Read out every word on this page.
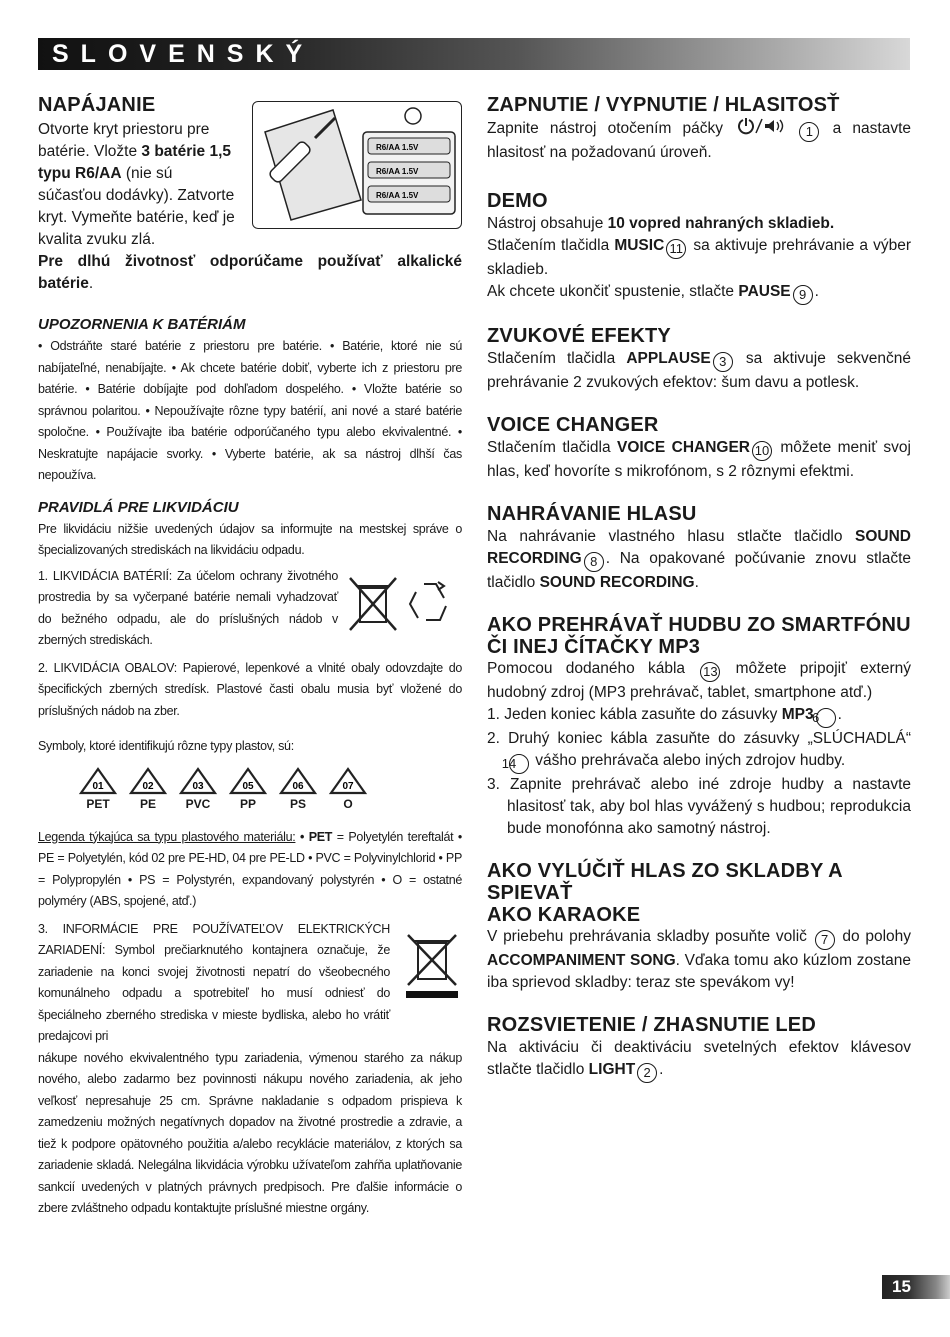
SLOVENSKÝ
NAPÁJANIE
R6/AA 1.5V
R6/AA 1.5V
R6/AA 1.5V
Otvorte kryt priestoru pre batérie. Vložte 3 batérie 1,5 typu R6/AA (nie sú súčasťou dodávky). Zatvorte kryt. Vymeňte batérie, keď je kvalita zvuku zlá.
Pre dlhú životnosť odporúčame používať alkalické batérie.
UPOZORNENIA K BATÉRIÁM

• Odstráňte staré batérie z priestoru pre batérie. • Batérie, ktoré nie sú nabíjateľné, nenabíjajte. • Ak chcete batérie dobiť, vyberte ich z priestoru pre batérie. • Batérie dobíjajte pod dohľadom dospelého. • Vložte batérie so správnou polaritou. • Nepoužívajte rôzne typy batérií, ani nové a staré batérie spoločne. • Používajte iba batérie odporúčaného typu alebo ekvivalentné. • Neskratujte napájacie svorky. • Vyberte batérie, ak sa nástroj dlhší čas nepoužíva.

PRAVIDLÁ PRE LIKVIDÁCIU

Pre likvidáciu nižšie uvedených údajov sa informujte na mestskej správe o špecializovaných strediskách na likvidáciu odpadu.

1. LIKVIDÁCIA BATÉRIÍ: Za účelom ochrany životného prostredia by sa vyčerpané batérie nemali vyhadzovať do bežného odpadu, ale do príslušných nádob v zberných strediskách.

2. LIKVIDÁCIA OBALOV: Papierové, lepenkové a vlnité obaly odovzdajte do špecifických zberných stredísk. Plastové časti obalu musia byť vložené do príslušných nádob na zber.

Symboly, ktoré identifikujú rôzne typy plastov, sú:

01
PET
02
PE
03
PVC
05
PP
06
PS
07
O

Legenda týkajúca sa typu plastového materiálu: • PET = Polyetylén tereftalát • PE = Polyetylén, kód 02 pre PE-HD, 04 pre PE-LD • PVC = Polyvinylchlorid • PP = Polypropylén • PS = Polystyrén, expandovaný polystyrén • O = ostatné polyméry (ABS, spojené, atď.)

3. INFORMÁCIE PRE POUŽÍVATEĽOV ELEKTRICKÝCH ZARIADENÍ: Symbol prečiarknutého kontajnera označuje, že zariadenie na konci svojej životnosti nepatrí do všeobecného komunálneho odpadu a spotrebiteľ ho musí odniesť do špeciálneho zberného strediska v mieste bydliska, alebo ho vrátiť predajcovi pri

nákupe nového ekvivalentného typu zariadenia, výmenou starého za nákup nového, alebo zadarmo bez povinnosti nákupu nového zariadenia, ak jeho veľkosť nepresahuje 25 cm. Správne nakladanie s odpadom prispieva k zamedzeniu možných negatívnych dopadov na životné prostredie a zdravie, a tiež k podpore opätovného použitia a/alebo recyklácie materiálov, z ktorých sa zariadenie skladá. Nelegálna likvidácia výrobku užívateľom zahŕňa uplatňovanie sankcií uvedených v platných právnych predpisoch. Pre ďalšie informácie o zbere zvláštneho odpadu kontaktujte príslušné miestne orgány.

ZAPNUTIE / VYPNUTIE / HLASITOSŤ

Zapnite nástroj otočením páčky	1 a nastavte hlasitosť na požadovanú úroveň.

DEMO

Nástroj obsahuje 10 vopred nahraných skladieb.
Stlačením tlačidla MUSIC 11 sa aktivuje prehrávanie a výber skladieb.
Ak chcete ukončiť spustenie, stlačte PAUSE 9 .

ZVUKOVÉ EFEKTY

Stlačením tlačidla APPLAUSE 3 sa aktivuje sekvenčné prehrávanie 2 zvukových efektov: šum davu a potlesk.

VOICE CHANGER

Stlačením tlačidla VOICE CHANGER 10 môžete meniť svoj hlas, keď hovoríte s mikrofónom, s 2 rôznymi efektmi.

NAHRÁVANIE HLASU

Na nahrávanie vlastného hlasu stlačte tlačidlo SOUND RECORDING 8 . Na opakované počúvanie znovu stlačte tlačidlo SOUND RECORDING.

AKO PREHRÁVAŤ HUDBU ZO SMARTFÓNU
ČI INEJ ČÍTAČKY MP3

Pomocou dodaného kábla 13 môžete pripojiť externý hudobný zdroj (MP3 prehrávač, tablet, smartphone atď.)

1. Jeden koniec kábla zasuňte do zásuvky MP36 .
2. Druhý koniec kábla zasuňte do zásuvky „SLÚCHADLÁ“ 14 vášho prehrávača alebo iných zdrojov hudby.
3. Zapnite prehrávač alebo iné zdroje hudby a nastavte hlasitosť tak, aby bol hlas vyvážený s hudbou; reprodukcia bude monofónna ako samotný nástroj.
AKO VYLÚČIŤ HLAS ZO SKLADBY A SPIEVAŤ
AKO KARAOKE

V priebehu prehrávania skladby posuňte volič 7 do polohy ACCOMPANIMENT SONG. Vďaka tomu ako kúzlom zostane iba sprievod skladby: teraz ste spevákom vy!

ROZSVIETENIE / ZHASNUTIE LED

Na aktiváciu či deaktiváciu svetelných efektov klávesov stlačte tlačidlo LIGHT 2 .

15
